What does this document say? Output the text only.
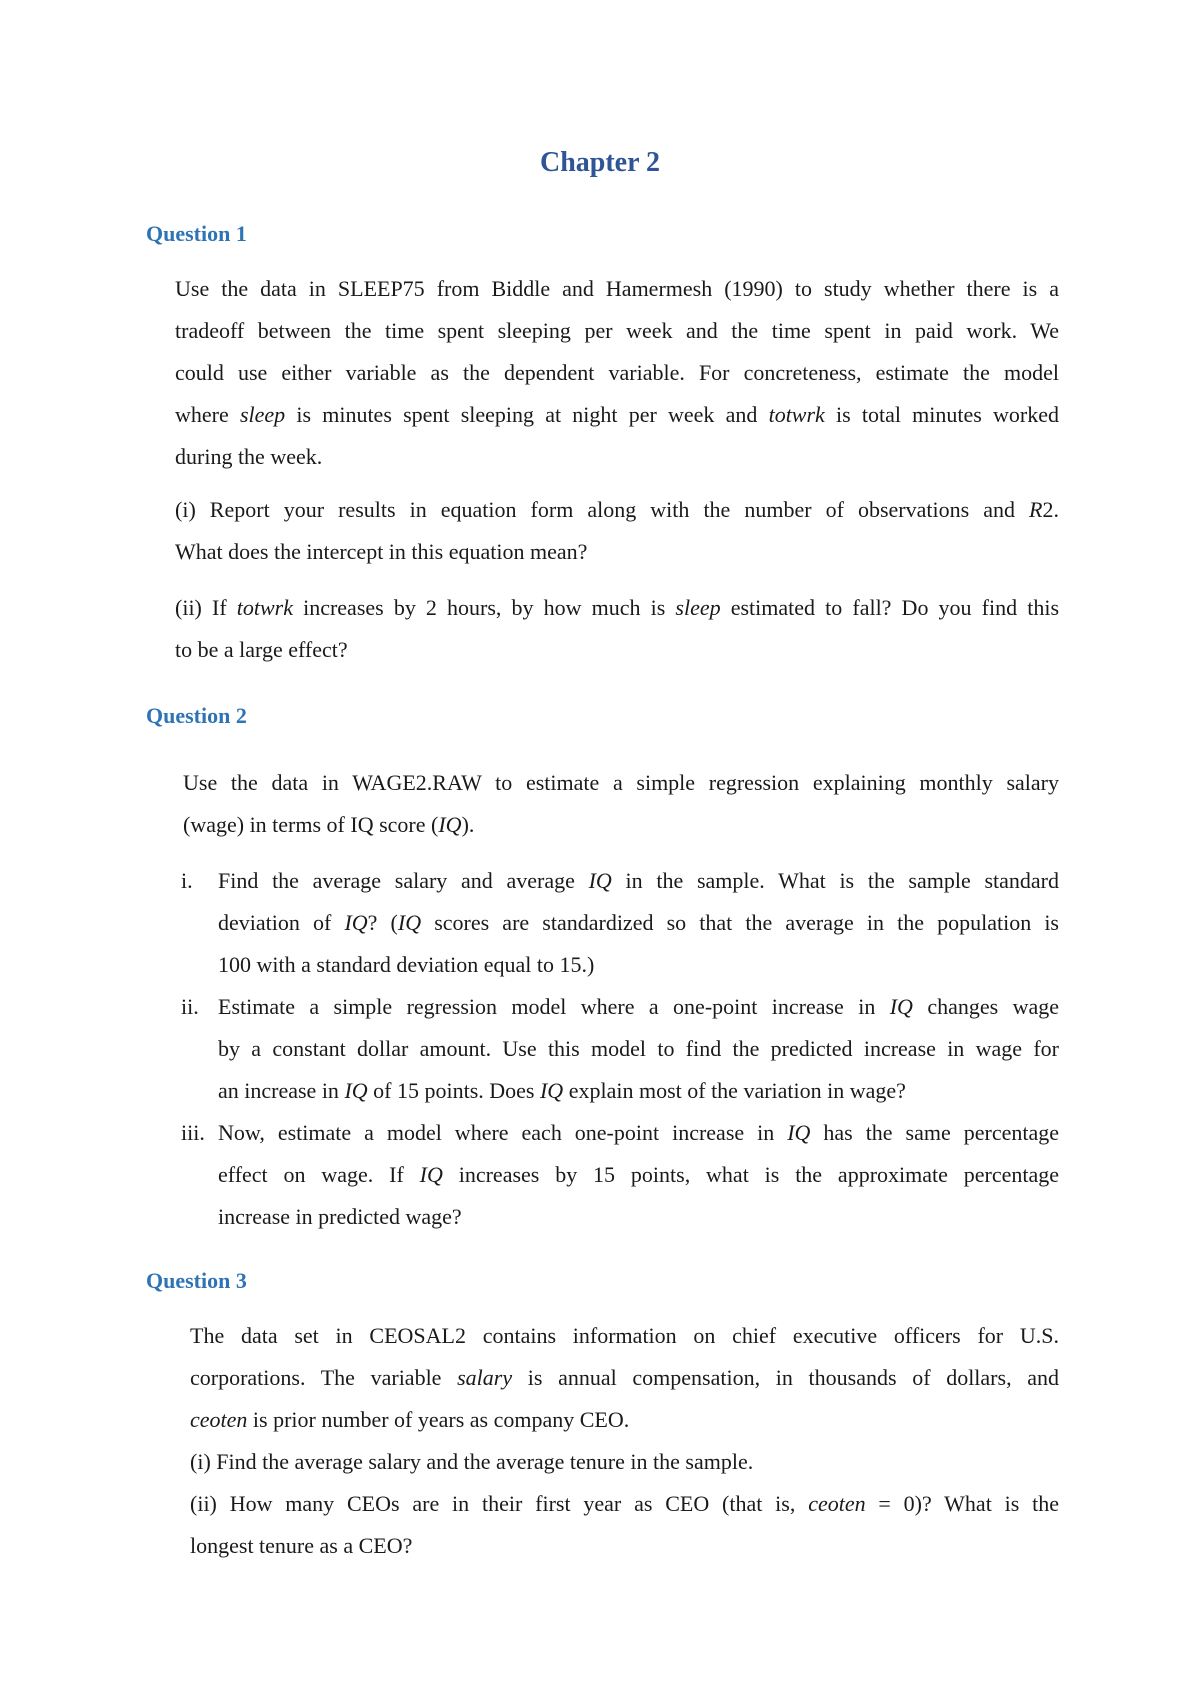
Chapter 2
Question 1
Use the data in SLEEP75 from Biddle and Hamermesh (1990) to study whether there is a
tradeoff between the time spent sleeping per week and the time spent in paid work. We
could use either variable as the dependent variable. For concreteness, estimate the model
where sleep is minutes spent sleeping at night per week and totwrk is total minutes worked
during the week.
(i) Report your results in equation form along with the number of observations and R2.
What does the intercept in this equation mean?
(ii) If totwrk increases by 2 hours, by how much is sleep estimated to fall? Do you find this
to be a large effect?
Question 2
Use the data in WAGE2.RAW to estimate a simple regression explaining monthly salary
(wage) in terms of IQ score (IQ).
i. Find the average salary and average IQ in the sample. What is the sample standard
deviation of IQ? (IQ scores are standardized so that the average in the population is
100 with a standard deviation equal to 15.)
ii. Estimate a simple regression model where a one-point increase in IQ changes wage
by a constant dollar amount. Use this model to find the predicted increase in wage for
an increase in IQ of 15 points. Does IQ explain most of the variation in wage?
iii. Now, estimate a model where each one-point increase in IQ has the same percentage
effect on wage. If IQ increases by 15 points, what is the approximate percentage
increase in predicted wage?
Question 3
The data set in CEOSAL2 contains information on chief executive officers for U.S.
corporations. The variable salary is annual compensation, in thousands of dollars, and
ceoten is prior number of years as company CEO.
(i) Find the average salary and the average tenure in the sample.
(ii) How many CEOs are in their first year as CEO (that is, ceoten = 0)? What is the
longest tenure as a CEO?
